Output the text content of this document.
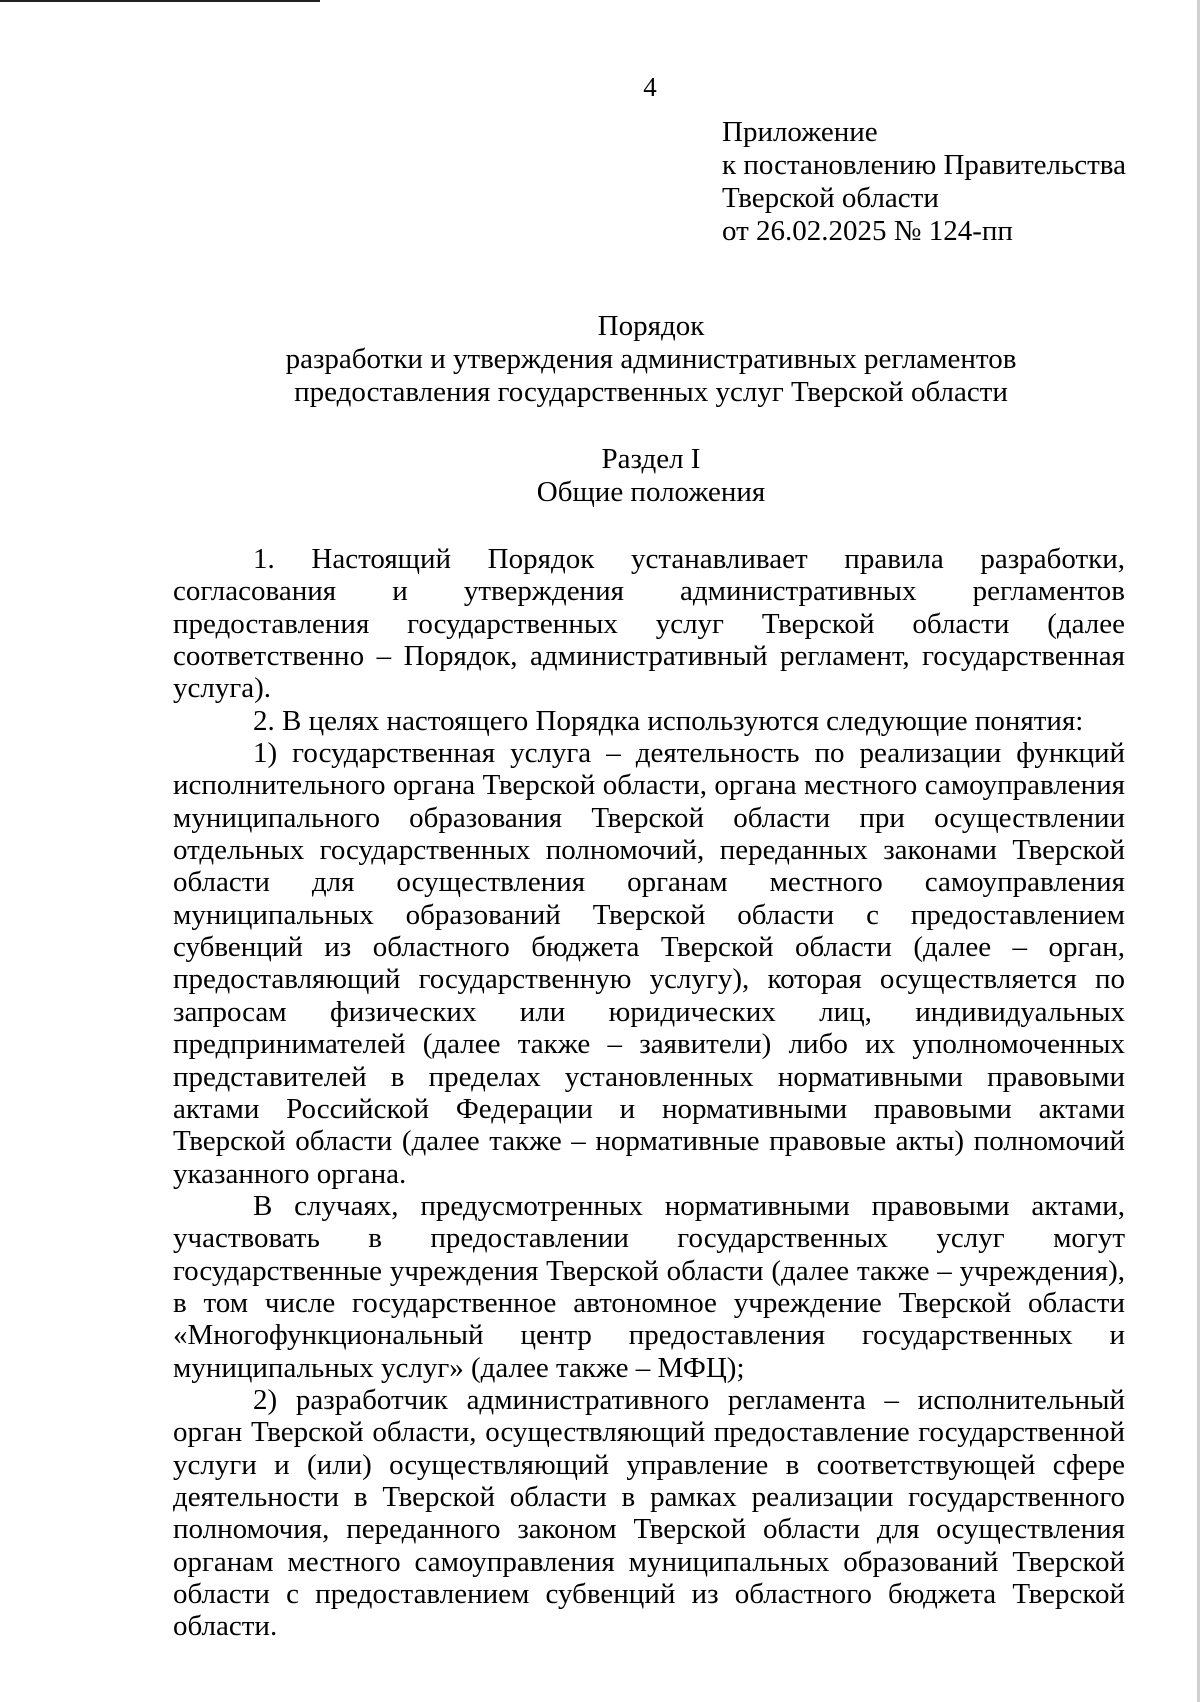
4
Приложение
к постановлению Правительства
Тверской области
от 26.02.2025 № 124-пп
Порядок
разработки и утверждения административных регламентов
предоставления государственных услуг Тверской области
Раздел I
Общие положения

1. Настоящий Порядок устанавливает правила разработки, согласования и утверждения административных регламентов предоставления государственных услуг Тверской области (далее соответственно – Порядок, административный регламент, государственная услуга).

2. В целях настоящего Порядка используются следующие понятия:

1) государственная услуга – деятельность по реализации функций исполнительного органа Тверской области, органа местного самоуправления муниципального образования Тверской области при осуществлении отдельных государственных полномочий, переданных законами Тверской области для осуществления органам местного самоуправления муниципальных образований Тверской области с предоставлением субвенций из областного бюджета Тверской области (далее – орган, предоставляющий государственную услугу), которая осуществляется по запросам физических или юридических лиц, индивидуальных предпринимателей (далее также – заявители) либо их уполномоченных представителей в пределах установленных нормативными правовыми актами Российской Федерации и нормативными правовыми актами Тверской области (далее также – нормативные правовые акты) полномочий указанного органа.

В случаях, предусмотренных нормативными правовыми актами, участвовать в предоставлении государственных услуг могут государственные учреждения Тверской области (далее также – учреждения), в том числе государственное автономное учреждение Тверской области «Многофункциональный центр предоставления государственных и муниципальных услуг» (далее также – МФЦ);

2) разработчик административного регламента – исполнительный орган Тверской области, осуществляющий предоставление государственной услуги и (или) осуществляющий управление в соответствующей сфере деятельности в Тверской области в рамках реализации государственного полномочия, переданного законом Тверской области для осуществления органам местного самоуправления муниципальных образований Тверской области с предоставлением субвенций из областного бюджета Тверской области.
